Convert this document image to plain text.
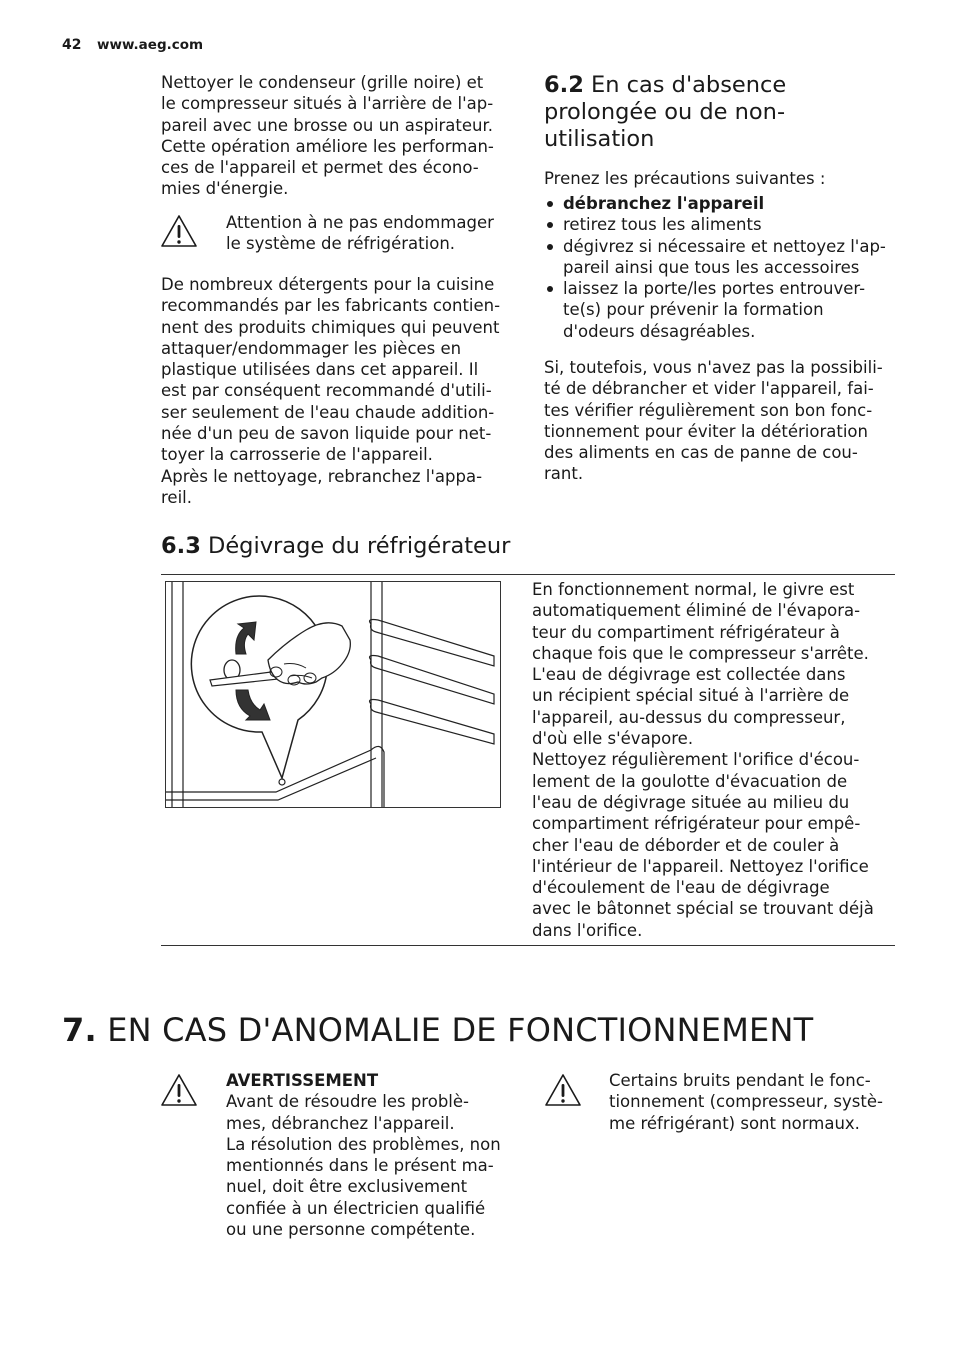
42 www.aeg.com

Nettoyer le condenseur (grille noire) et
le compresseur situés à l'arrière de l'ap-
pareil avec une brosse ou un aspirateur.
Cette opération améliore les performan-
ces de l'appareil et permet des écono-
mies d'énergie.

Attention à ne pas endommager
le système de réfrigération.

De nombreux détergents pour la cuisine
recommandés par les fabricants contien-
nent des produits chimiques qui peuvent
attaquer/endommager les pièces en
plastique utilisées dans cet appareil. Il
est par conséquent recommandé d'utili-
ser seulement de l'eau chaude addition-
née d'un peu de savon liquide pour net-
toyer la carrosserie de l'appareil.
Après le nettoyage, rebranchez l'appa-
reil.

6.2 En cas d'absence
prolongée ou de non-
utilisation

Prenez les précautions suivantes :

débranchez l'appareil
retirez tous les aliments
dégivrez si nécessaire et nettoyez l'ap-
pareil ainsi que tous les accessoires
laissez la porte/les portes entrouver-
te(s) pour prévenir la formation
d'odeurs désagréables.

Si, toutefois, vous n'avez pas la possibili-
té de débrancher et vider l'appareil, fai-
tes vérifier régulièrement son bon fonc-
tionnement pour éviter la détérioration
des aliments en cas de panne de cou-
rant.

6.3 Dégivrage du réfrigérateur

En fonctionnement normal, le givre est
automatiquement éliminé de l'évapora-
teur du compartiment réfrigérateur à
chaque fois que le compresseur s'arrête.
L'eau de dégivrage est collectée dans
un récipient spécial situé à l'arrière de
l'appareil, au-dessus du compresseur,
d'où elle s'évapore.
Nettoyez régulièrement l'orifice d'écou-
lement de la goulotte d'évacuation de
l'eau de dégivrage située au milieu du
compartiment réfrigérateur pour empê-
cher l'eau de déborder et de couler à
l'intérieur de l'appareil. Nettoyez l'orifice
d'écoulement de l'eau de dégivrage
avec le bâtonnet spécial se trouvant déjà
dans l'orifice.

7. EN CAS D'ANOMALIE DE FONCTIONNEMENT
AVERTISSEMENT

Avant de résoudre les problè-
mes, débranchez l'appareil.
La résolution des problèmes, non
mentionnés dans le présent ma-
nuel, doit être exclusivement
confiée à un électricien qualifié
ou une personne compétente.

Certains bruits pendant le fonc-
tionnement (compresseur, systè-
me réfrigérant) sont normaux.
